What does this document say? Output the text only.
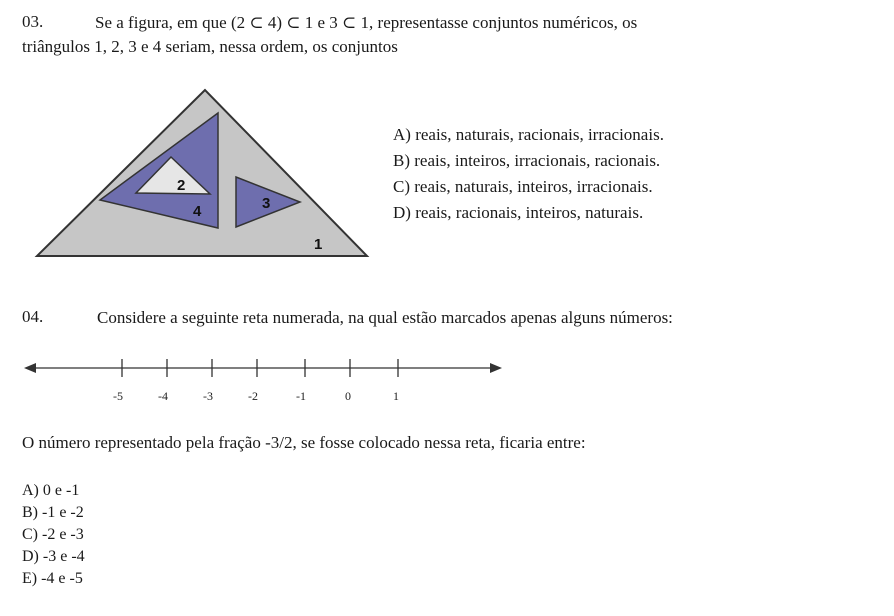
03.	Se a figura, em que (2 ⊂ 4) ⊂ 1 e 3 ⊂ 1, representasse conjuntos numéricos, os
triângulos 1, 2, 3 e 4 seriam, nessa ordem, os conjuntos
2
4	3
1
-5	-4	-3	-2	-1	0	1
A) reais, naturais, racionais, irracionais.
B) reais, inteiros, irracionais, racionais.
C) reais, naturais, inteiros, irracionais.
D) reais, racionais, inteiros, naturais.
04.	Considere a seguinte reta numerada, na qual estão marcados apenas alguns números:
O número representado pela fração -3/2, se fosse colocado nessa reta, ficaria entre:
A) 0 e -1
B) -1 e -2
C) -2 e -3
D) -3 e -4
E) -4 e -5
